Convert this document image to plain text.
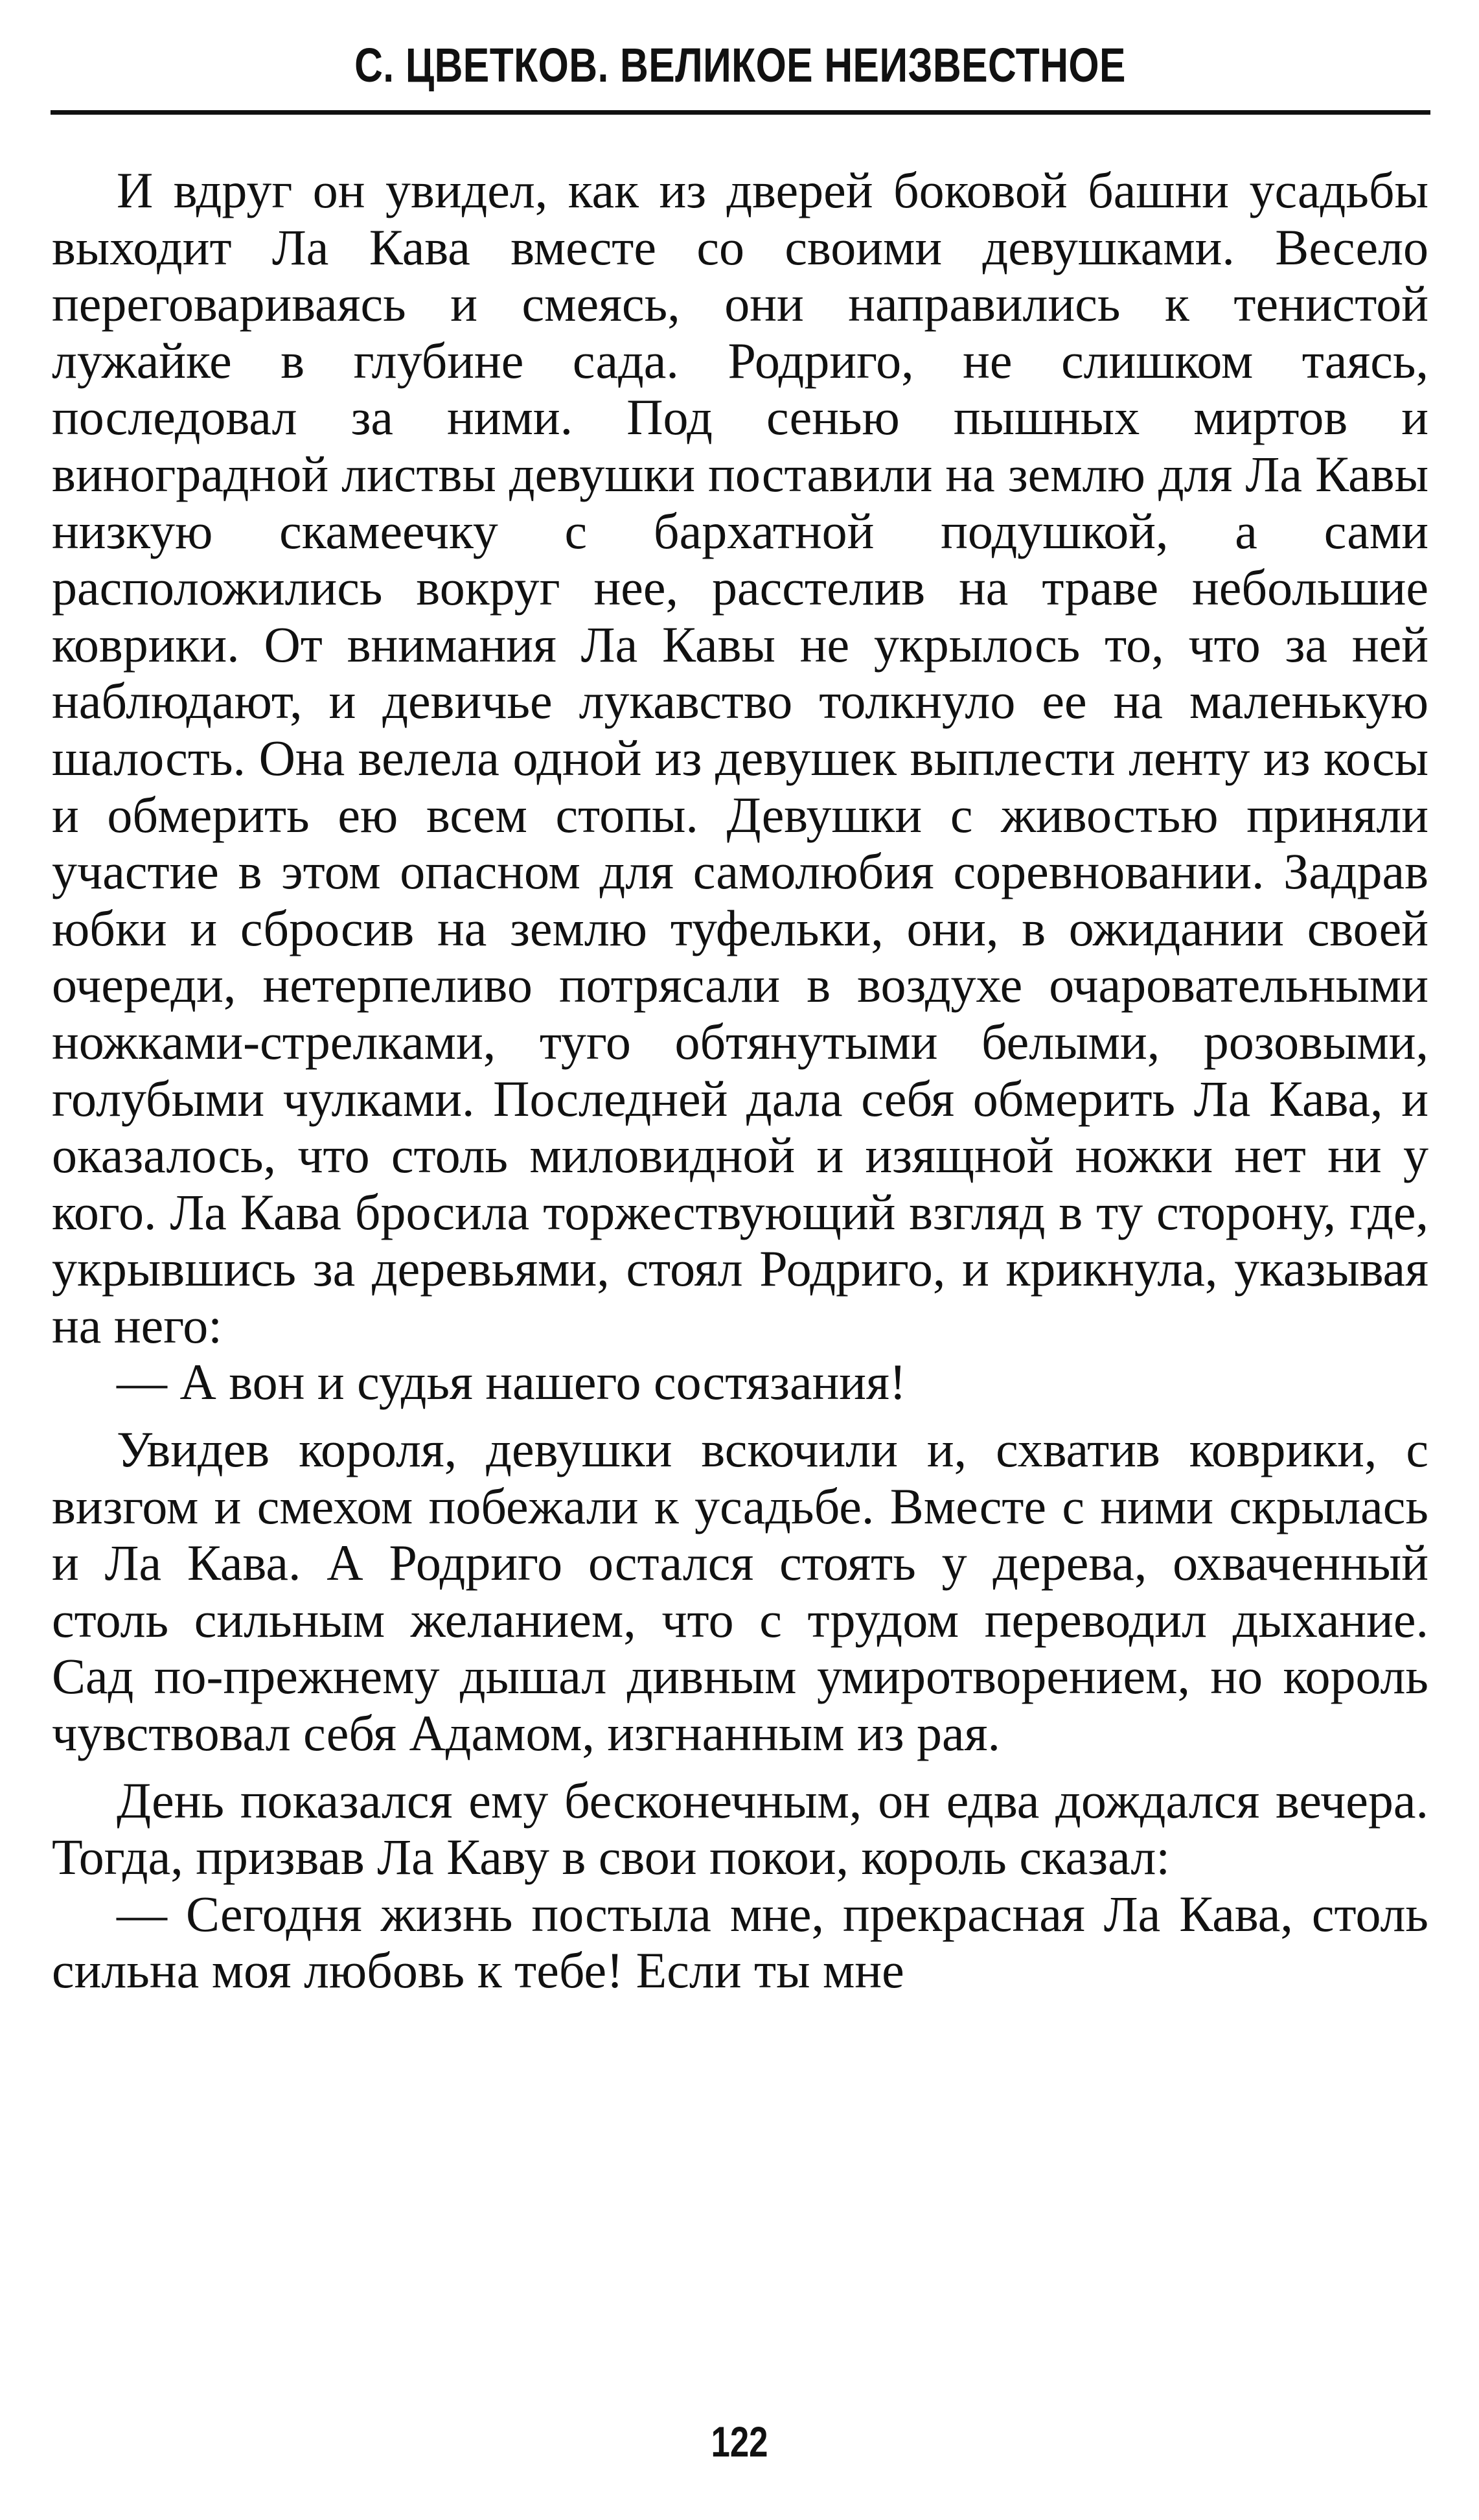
С. ЦВЕТКОВ. ВЕЛИКОЕ НЕИЗВЕСТНОЕ

И вдруг он увидел, как из дверей боковой башни усадьбы выходит Ла Кава вместе со своими девушками. Весело переговариваясь и смеясь, они направились к тенистой лужайке в глубине сада. Родриго, не слишком таясь, последовал за ними. Под сенью пышных миртов и виноградной листвы девушки поставили на землю для Ла Кавы низкую скамеечку с бархатной подушкой, а сами расположились вокруг нее, расстелив на траве небольшие коврики. От внимания Ла Кавы не укрылось то, что за ней наблюдают, и девичье лукавство толкнуло ее на маленькую шалость. Она велела одной из девушек выплести ленту из косы и обмерить ею всем стопы. Девушки с живостью приняли участие в этом опасном для самолюбия соревновании. Задрав юбки и сбросив на землю туфельки, они, в ожидании своей очереди, нетерпеливо потрясали в воздухе очаровательными ножками-стрелками, туго обтянутыми белыми, розовыми, голубыми чулками. Последней дала себя обмерить Ла Кава, и оказалось, что столь миловидной и изящной ножки нет ни у кого. Ла Кава бросила торжествующий взгляд в ту сторону, где, укрывшись за деревьями, стоял Родриго, и крикнула, указывая на него:

— А вон и судья нашего состязания!

Увидев короля, девушки вскочили и, схватив коврики, с визгом и смехом побежали к усадьбе. Вместе с ними скрылась и Ла Кава. А Родриго остался стоять у дерева, охваченный столь сильным желанием, что с трудом переводил дыхание. Сад по-прежнему дышал дивным умиротворением, но король чувствовал себя Адамом, изгнанным из рая.

День показался ему бесконечным, он едва дождался вечера. Тогда, призвав Ла Каву в свои покои, король сказал:

— Сегодня жизнь постыла мне, прекрасная Ла Кава, столь сильна моя любовь к тебе! Если ты мне

122
